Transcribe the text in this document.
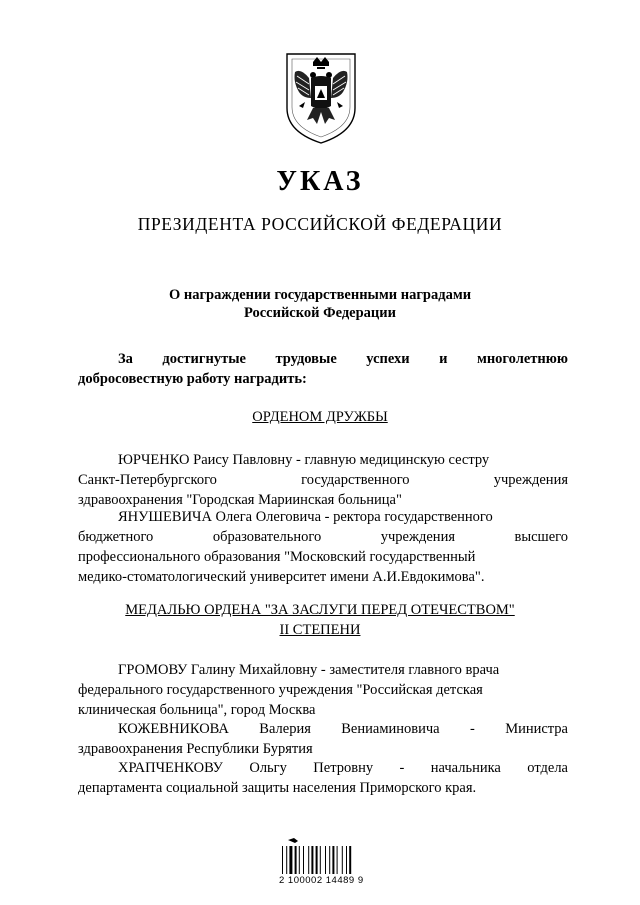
УКАЗ
ПРЕЗИДЕНТА РОССИЙСКОЙ ФЕДЕРАЦИИ
О награждении государственными наградами
Российской Федерации
За достигнутые трудовые успехи и многолетнюю
добросовестную работу наградить:
ОРДЕНОМ ДРУЖБЫ
ЮРЧЕНКО Раису Павловну - главную медицинскую сестру
Санкт-Петербургского	государственного	учреждения
здравоохранения "Городская Мариинская больница"
ЯНУШЕВИЧА Олега Олеговича - ректора государственного
бюджетного	образовательного	учреждения	высшего
профессионального образования "Московский государственный
медико-стоматологический университет имени А.И.Евдокимова".
МЕДАЛЬЮ ОРДЕНА "ЗА ЗАСЛУГИ ПЕРЕД ОТЕЧЕСТВОМ"
II СТЕПЕНИ
ГРОМОВУ Галину Михайловну - заместителя главного врача
федерального государственного учреждения "Российская детская
клиническая больница", город Москва
КОЖЕВНИКОВА Валерия Вениаминовича - Министра
здравоохранения Республики Бурятия
ХРАПЧЕНКОВУ Ольгу Петровну - начальника отдела
департамента социальной защиты населения Приморского края.
2 100002 14489 9
